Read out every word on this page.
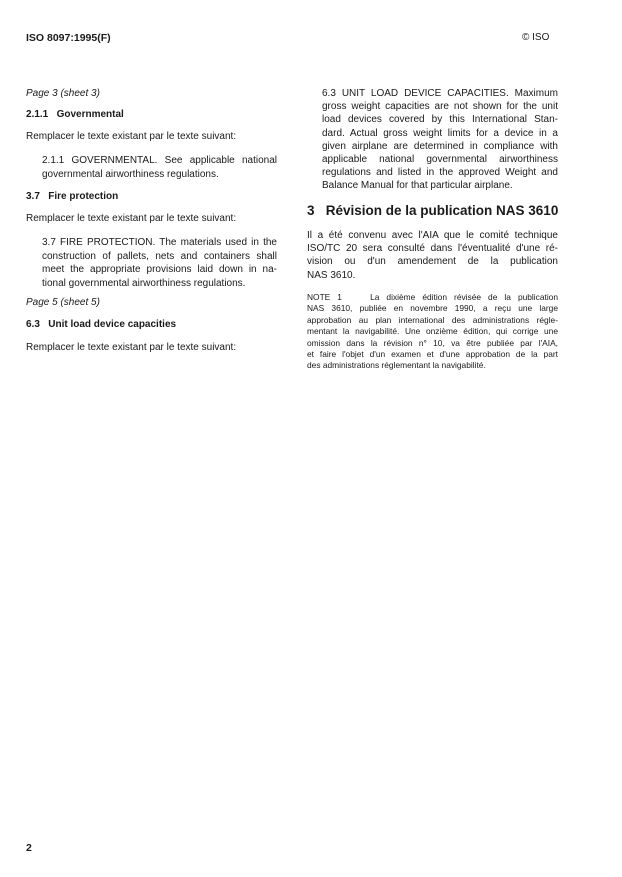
ISO 8097:1995(F)	© ISO
Page 3 (sheet 3)
2.1.1   Governmental
Remplacer le texte existant par le texte suivant:
2.1.1 GOVERNMENTAL. See applicable national
governmental airworthiness regulations.
3.7   Fire protection
Remplacer le texte existant par le texte suivant:
3.7 FIRE PROTECTION. The materials used in the
construction of pallets, nets and containers shall
meet the appropriate provisions laid down in na-
tional governmental airworthiness regulations.
Page 5 (sheet 5)
6.3   Unit load device capacities
Remplacer le texte existant par le texte suivant:
6.3 UNIT LOAD DEVICE CAPACITIES. Maximum
gross weight capacities are not shown for the unit
load devices covered by this International Stan-
dard. Actual gross weight limits for a device in a
given airplane are determined in compliance with
applicable national governmental airworthiness
regulations and listed in the approved Weight and
Balance Manual for that particular airplane.
3   Révision de la publication NAS 3610
Il a été convenu avec l'AIA que le comité technique
ISO/TC 20 sera consulté dans l'éventualité d'une ré-
vision ou d'un amendement de la publication
NAS 3610.
NOTE 1    La dixième édition révisée de la publication
NAS 3610, publiée en novembre 1990, a reçu une large
approbation au plan international des administrations régle-
mentant la navigabilité. Une onzième édition, qui corrige une
omission dans la révision n° 10, va être publiée par l'AIA,
et faire l'objet d'un examen et d'une approbation de la part
des administrations réglementant la navigabilité.
2
